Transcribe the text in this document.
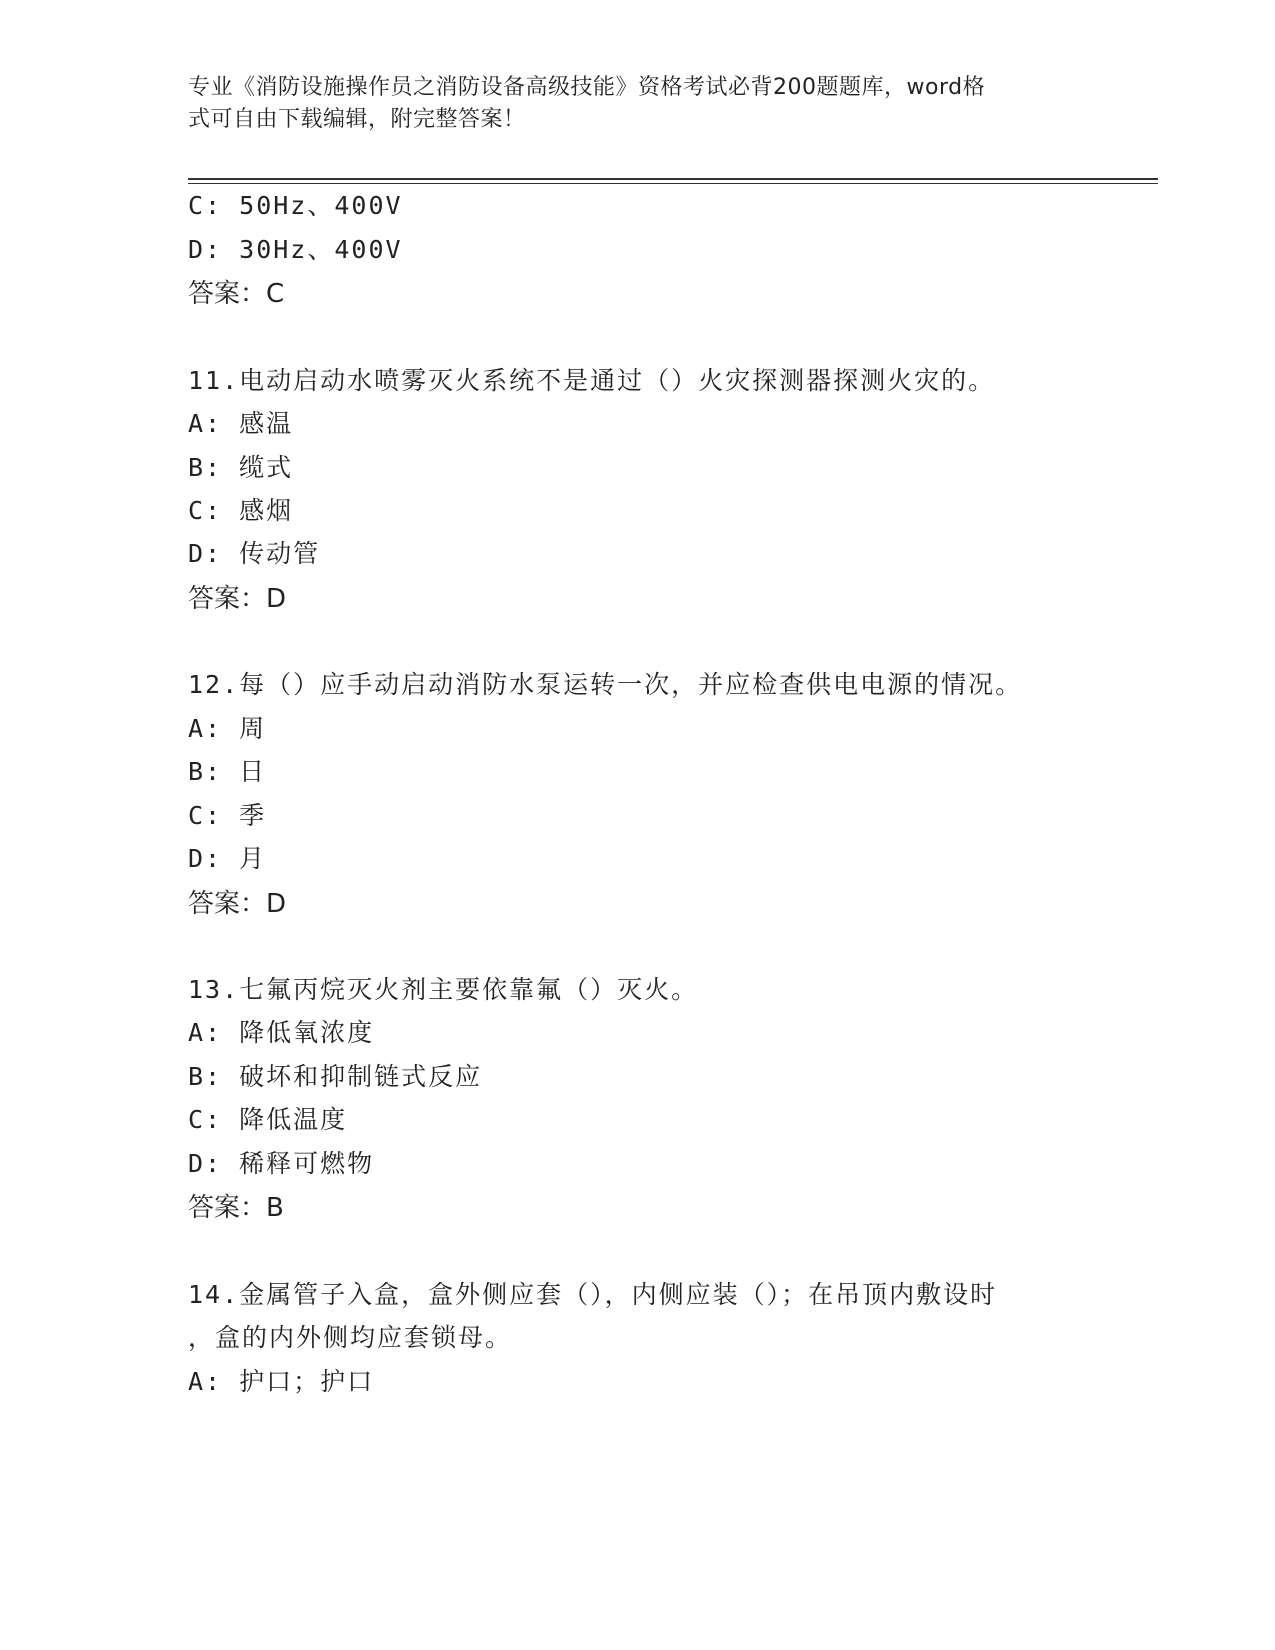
专业《消防设施操作员之消防设备高级技能》资格考试必背200题题库，word格
式可自由下载编辑，附完整答案！
C: 50Hz、400V
D: 30Hz、400V
答案：C
11.电动启动水喷雾灭火系统不是通过（）火灾探测器探测火灾的。
A: 感温
B: 缆式
C: 感烟
D: 传动管
答案：D
12.每（）应手动启动消防水泵运转一次，并应检查供电电源的情况。
A: 周
B: 日
C: 季
D: 月
答案：D
13.七氟丙烷灭火剂主要依靠氟（）灭火。
A: 降低氧浓度
B: 破坏和抑制链式反应
C: 降低温度
D: 稀释可燃物
答案：B
14.金属管子入盒，盒外侧应套（），内侧应装（）；在吊顶内敷设时
，盒的内外侧均应套锁母。
A: 护口；护口
